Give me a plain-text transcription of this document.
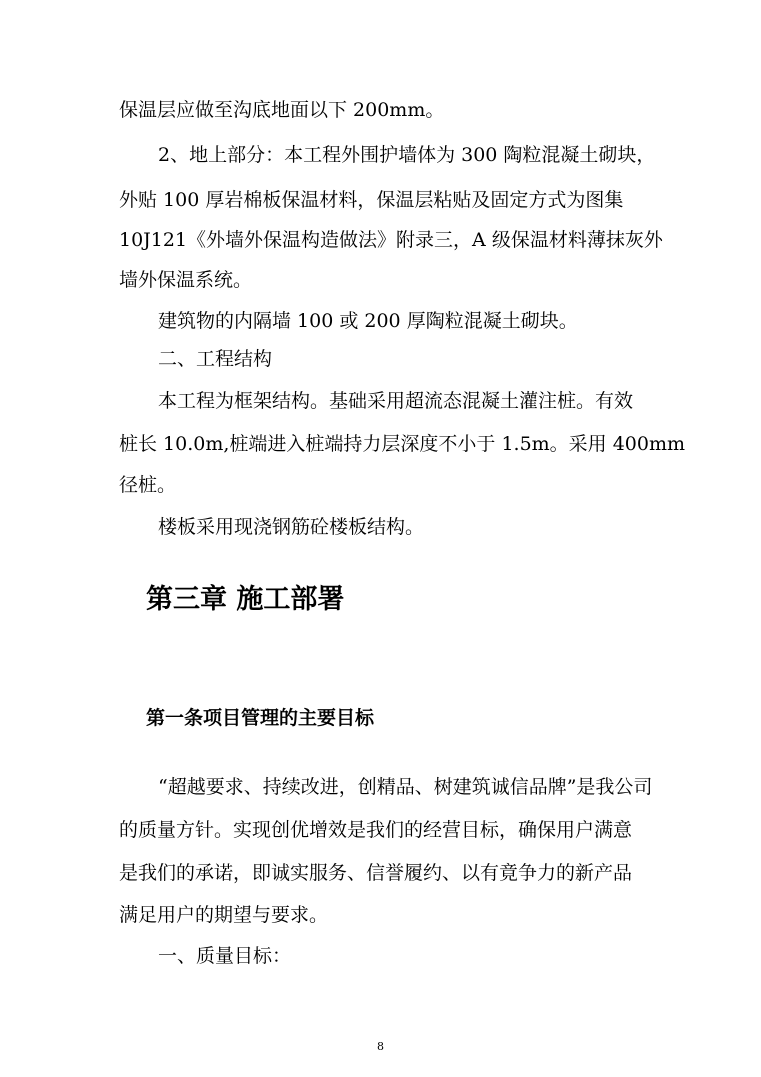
保温层应做至沟底地面以下 200mm。
2、地上部分：本工程外围护墙体为 300 陶粒混凝土砌块，
外贴 100 厚岩棉板保温材料，保温层粘贴及固定方式为图集
10J121《外墙外保温构造做法》附录三，A 级保温材料薄抹灰外
墙外保温系统。
建筑物的内隔墙 100 或 200 厚陶粒混凝土砌块。
二、工程结构
本工程为框架结构。基础采用超流态混凝土灌注桩。有效
桩长 10.0m,桩端进入桩端持力层深度不小于 1.5m。采用 400mm
径桩。
楼板采用现浇钢筋砼楼板结构。
第三章 施工部署
第一条项目管理的主要目标
“超越要求、持续改进，创精品、树建筑诚信品牌”是我公司
的质量方针。实现创优增效是我们的经营目标，确保用户满意
是我们的承诺，即诚实服务、信誉履约、以有竟争力的新产品
满足用户的期望与要求。
一、质量目标：
8
